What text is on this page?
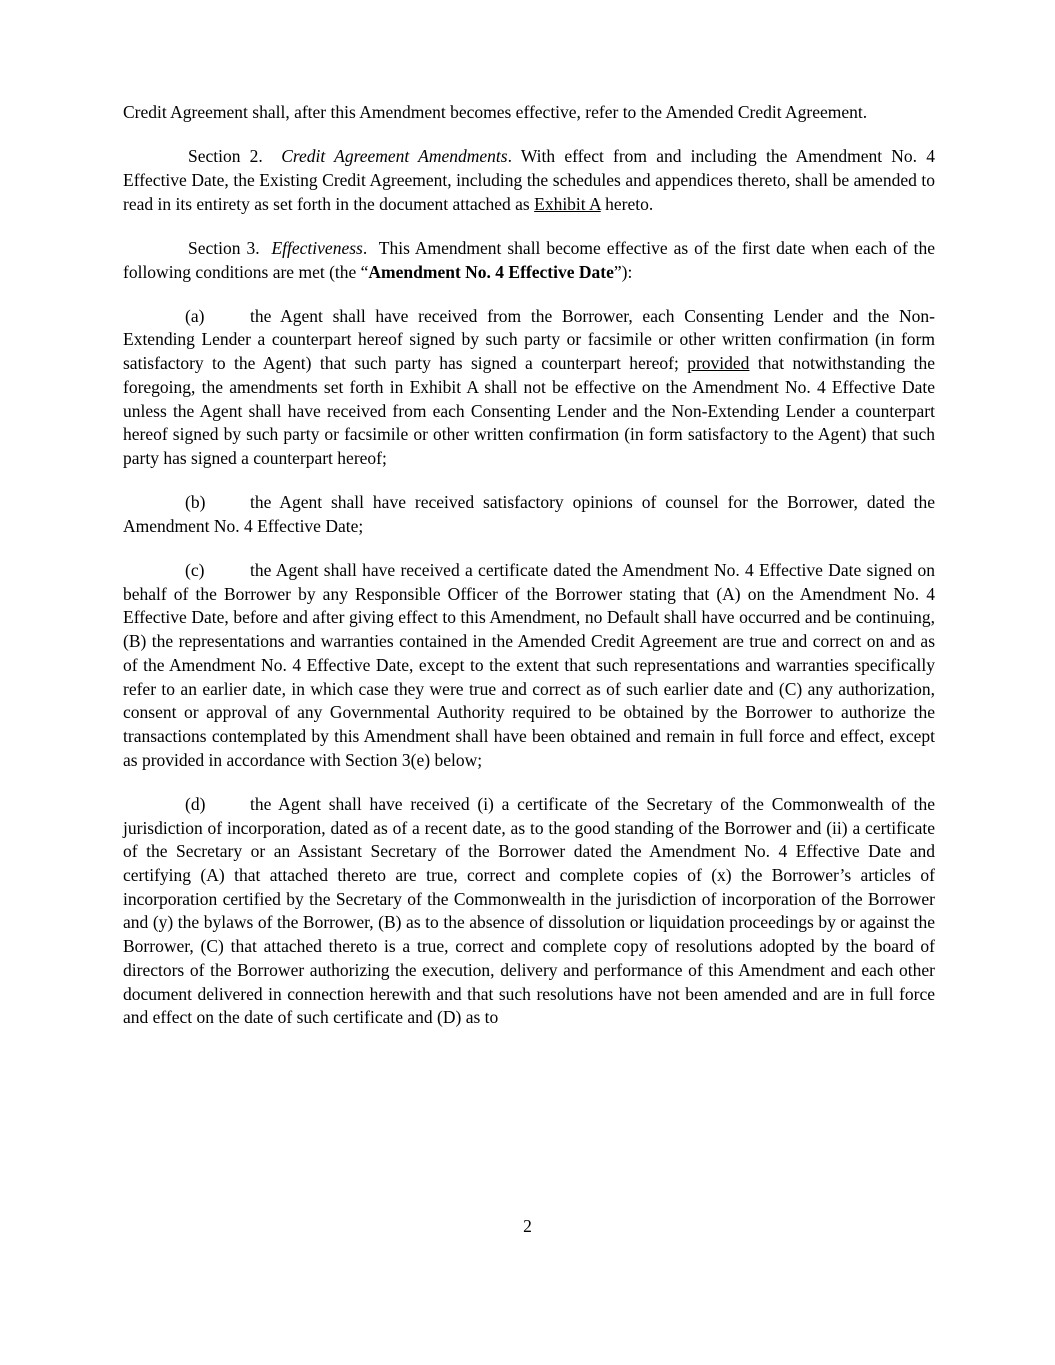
Credit Agreement shall, after this Amendment becomes effective, refer to the Amended Credit Agreement.

Section 2.  Credit Agreement Amendments. With effect from and including the Amendment No. 4 Effective Date, the Existing Credit Agreement, including the schedules and appendices thereto, shall be amended to read in its entirety as set forth in the document attached as Exhibit A hereto.

Section 3.  Effectiveness.  This Amendment shall become effective as of the first date when each of the following conditions are met (the “Amendment No. 4 Effective Date”):

(a)	the Agent shall have received from the Borrower, each Consenting Lender and the Non-Extending Lender a counterpart hereof signed by such party or facsimile or other written confirmation (in form satisfactory to the Agent) that such party has signed a counterpart hereof; provided that notwithstanding the foregoing, the amendments set forth in Exhibit A shall not be effective on the Amendment No. 4 Effective Date unless the Agent shall have received from each Consenting Lender and the Non-Extending Lender a counterpart hereof signed by such party or facsimile or other written confirmation (in form satisfactory to the Agent) that such party has signed a counterpart hereof;

(b)	the Agent shall have received satisfactory opinions of counsel for the Borrower, dated the Amendment No. 4 Effective Date;

(c)	the Agent shall have received a certificate dated the Amendment No. 4 Effective Date signed on behalf of the Borrower by any Responsible Officer of the Borrower stating that (A) on the Amendment No. 4 Effective Date, before and after giving effect to this Amendment, no Default shall have occurred and be continuing, (B) the representations and warranties contained in the Amended Credit Agreement are true and correct on and as of the Amendment No. 4 Effective Date, except to the extent that such representations and warranties specifically refer to an earlier date, in which case they were true and correct as of such earlier date and (C) any authorization, consent or approval of any Governmental Authority required to be obtained by the Borrower to authorize the transactions contemplated by this Amendment shall have been obtained and remain in full force and effect, except as provided in accordance with Section 3(e) below;

(d)	the Agent shall have received (i) a certificate of the Secretary of the Commonwealth of the jurisdiction of incorporation, dated as of a recent date, as to the good standing of the Borrower and (ii) a certificate of the Secretary or an Assistant Secretary of the Borrower dated the Amendment No. 4 Effective Date and certifying (A) that attached thereto are true, correct and complete copies of (x) the Borrower’s articles of incorporation certified by the Secretary of the Commonwealth in the jurisdiction of incorporation of the Borrower and (y) the bylaws of the Borrower, (B) as to the absence of dissolution or liquidation proceedings by or against the Borrower, (C) that attached thereto is a true, correct and complete copy of resolutions adopted by the board of directors of the Borrower authorizing the execution, delivery and performance of this Amendment and each other document delivered in connection herewith and that such resolutions have not been amended and are in full force and effect on the date of such certificate and (D) as to

2
